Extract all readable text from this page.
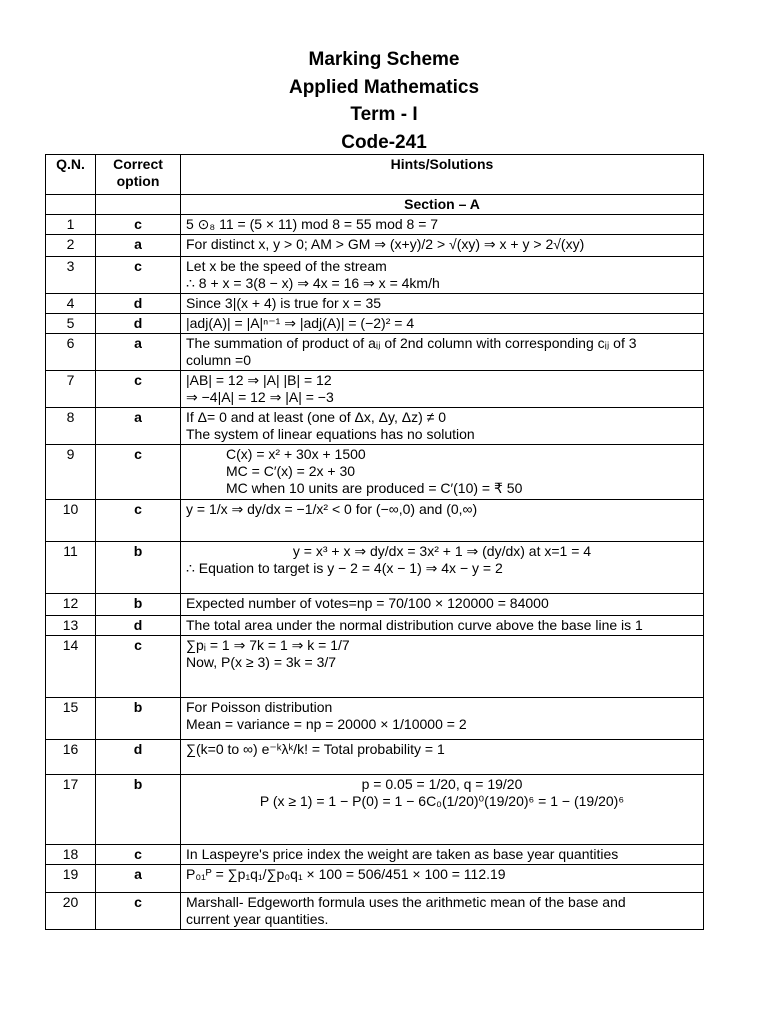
Marking Scheme
Applied Mathematics
Term - I
Code-241
Q.N.	Correct option	Hints/Solutions
		Section – A
1	c	5 ⊙₈ 11 = (5 × 11) mod 8 = 55 mod 8 = 7

2	a	For distinct x, y > 0; AM > GM ⇒ (x+y)/2 > √(xy) ⇒ x + y > 2√(xy)

3	c	Let x be the speed of the stream
∴ 8 + x = 3(8 − x) ⇒ 4x = 16 ⇒ x = 4km/h

4	d	Since 3|(x + 4) is true for x = 35

5	d	|adj(A)| = |A|ⁿ⁻¹ ⇒ |adj(A)| = (−2)² = 4

6	a	The summation of product of aᵢⱼ of 2nd column with corresponding cᵢⱼ of 3
column =0

7	c	|AB| = 12 ⇒ |A| |B| = 12
⇒ −4|A| = 12 ⇒ |A| = −3

8	a	If Δ= 0 and at least (one of Δx, Δy, Δz) ≠ 0
The system of linear equations has no solution

9	c	C(x) = x² + 30x + 1500
MC = C′(x) = 2x + 30
MC when 10 units are produced = C′(10) = ₹ 50

10	c	y = 1/x ⇒ dy/dx = −1/x² < 0 for (−∞,0) and (0,∞)

11	b	y = x³ + x ⇒ dy/dx = 3x² + 1 ⇒ (dy/dx) at x=1 = 4
∴ Equation to target is y − 2 = 4(x − 1) ⇒ 4x − y = 2

12	b	Expected number of votes=np = 70/100 × 120000 = 84000

13	d	The total area under the normal distribution curve above the base line is 1

14	c	∑pᵢ = 1 ⇒ 7k = 1 ⇒ k = 1/7
Now, P(x ≥ 3) = 3k = 3/7

15	b	For Poisson distribution
Mean = variance = np = 20000 × 1/10000 = 2

16	d	∑(k=0 to ∞) e⁻ᵏλᵏ/k! = Total probability = 1

17	b	p = 0.05 = 1/20, q = 19/20
P (x ≥ 1) = 1 − P(0) = 1 − 6C₀(1/20)⁰(19/20)⁶ = 1 − (19/20)⁶

18	c	In Laspeyre's price index the weight are taken as base year quantities

19	a	P₀₁ᴾ = ∑p₁q₁/∑p₀q₁ × 100 = 506/451 × 100 = 112.19

20	c	Marshall- Edgeworth formula uses the arithmetic mean of the base and
current year quantities.
